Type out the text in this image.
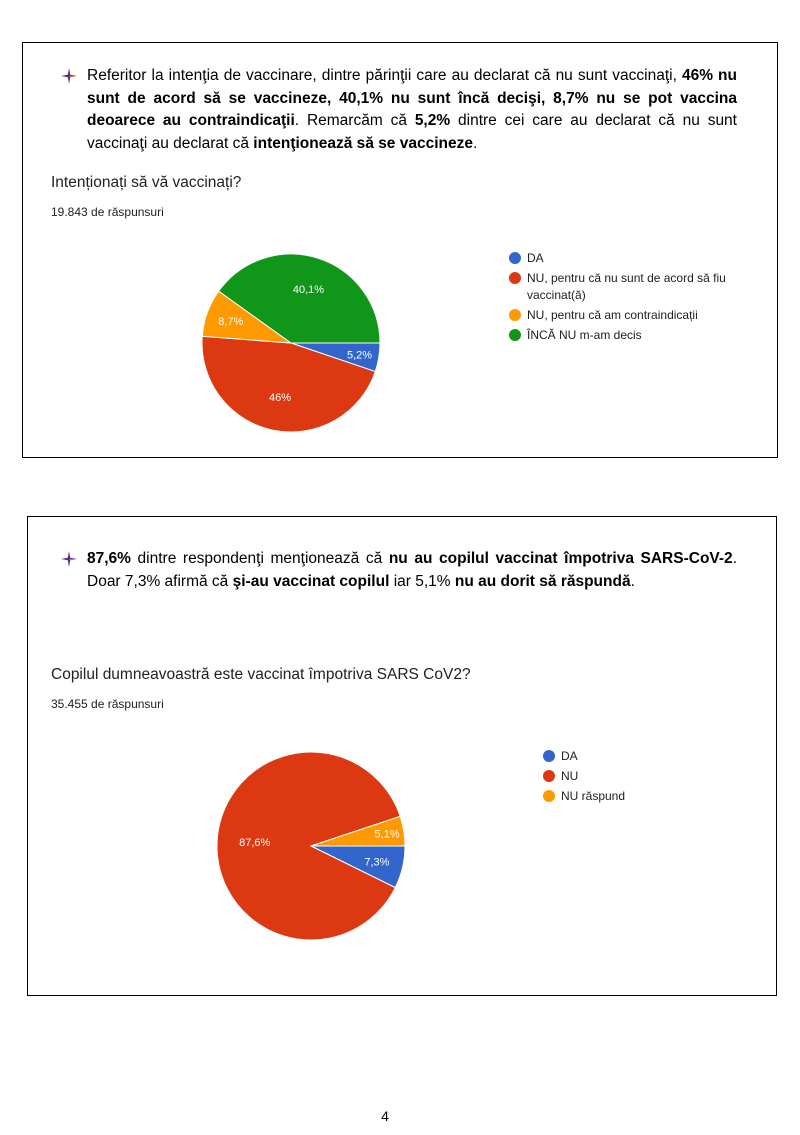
Referitor la intenţia de vaccinare, dintre părinţii care au declarat că nu sunt vaccinaţi, 46% nu sunt de acord să se vaccineze, 40,1% nu sunt încă decişi, 8,7% nu se pot vaccina deoarece au contraindicaţii. Remarcăm că 5,2% dintre cei care au declarat că nu sunt vaccinaţi au declarat că intenţionează să se vaccineze.
Intenționați să vă vaccinați?
19.843 de răspunsuri
5,2%
46%
8,7%
40,1%
DA
NU, pentru că nu sunt de acord să fiu vaccinat(ă)
NU, pentru că am contraindicații
ÎNCĂ NU m-am decis
87,6% dintre respondenţi menţionează că nu au copilul vaccinat împotriva SARS-CoV-2. Doar 7,3% afirmă că şi-au vaccinat copilul iar 5,1% nu au dorit să răspundă.
Copilul dumneavoastră este vaccinat împotriva SARS CoV2?
35.455 de răspunsuri
7,3%
87,6%
5,1%
DA
NU
NU răspund
4
